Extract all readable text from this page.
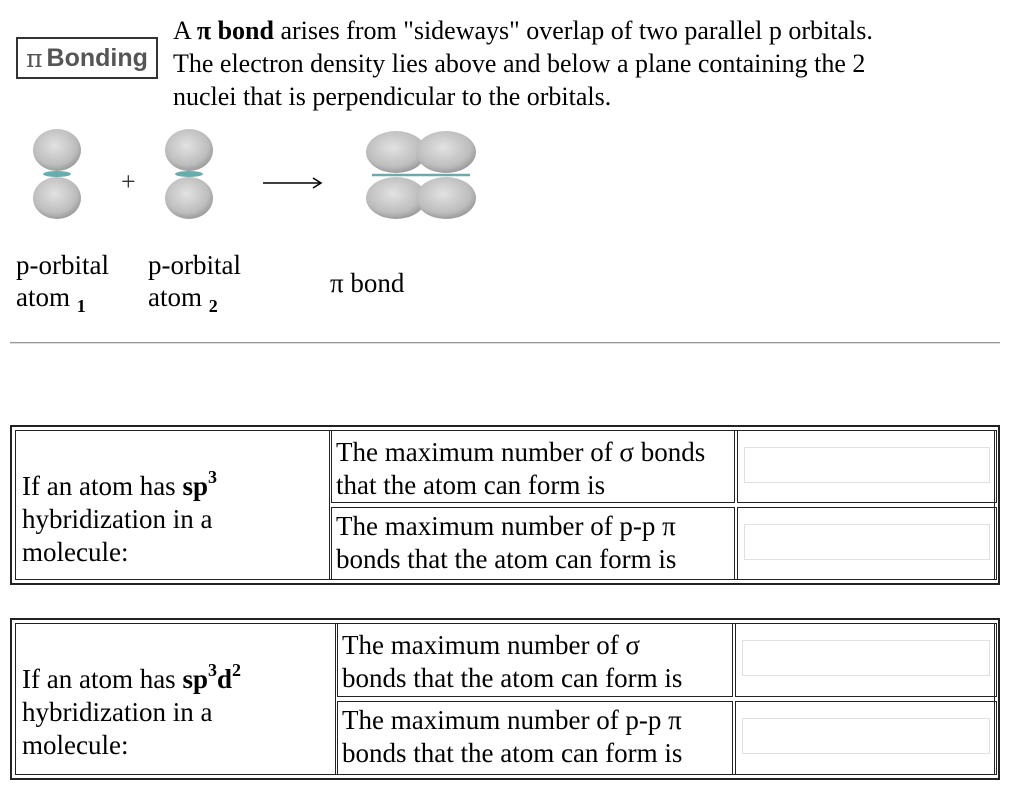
π Bonding
A π bond arises from "sideways" overlap of two parallel p orbitals.
The electron density lies above and below a plane containing the 2
nuclei that is perpendicular to the orbitals.
+
p-orbital
atom $_1$
p-orbital
atom $_2$
π bond
If an atom has $sp^3$
hybridization in a
molecule:
The maximum number of σ bonds
that the atom can form is
The maximum number of p-p π
bonds that the atom can form is
If an atom has $sp^3d^2$
hybridization in a
molecule:
The maximum number of σ
bonds that the atom can form is
The maximum number of p-p π
bonds that the atom can form is
